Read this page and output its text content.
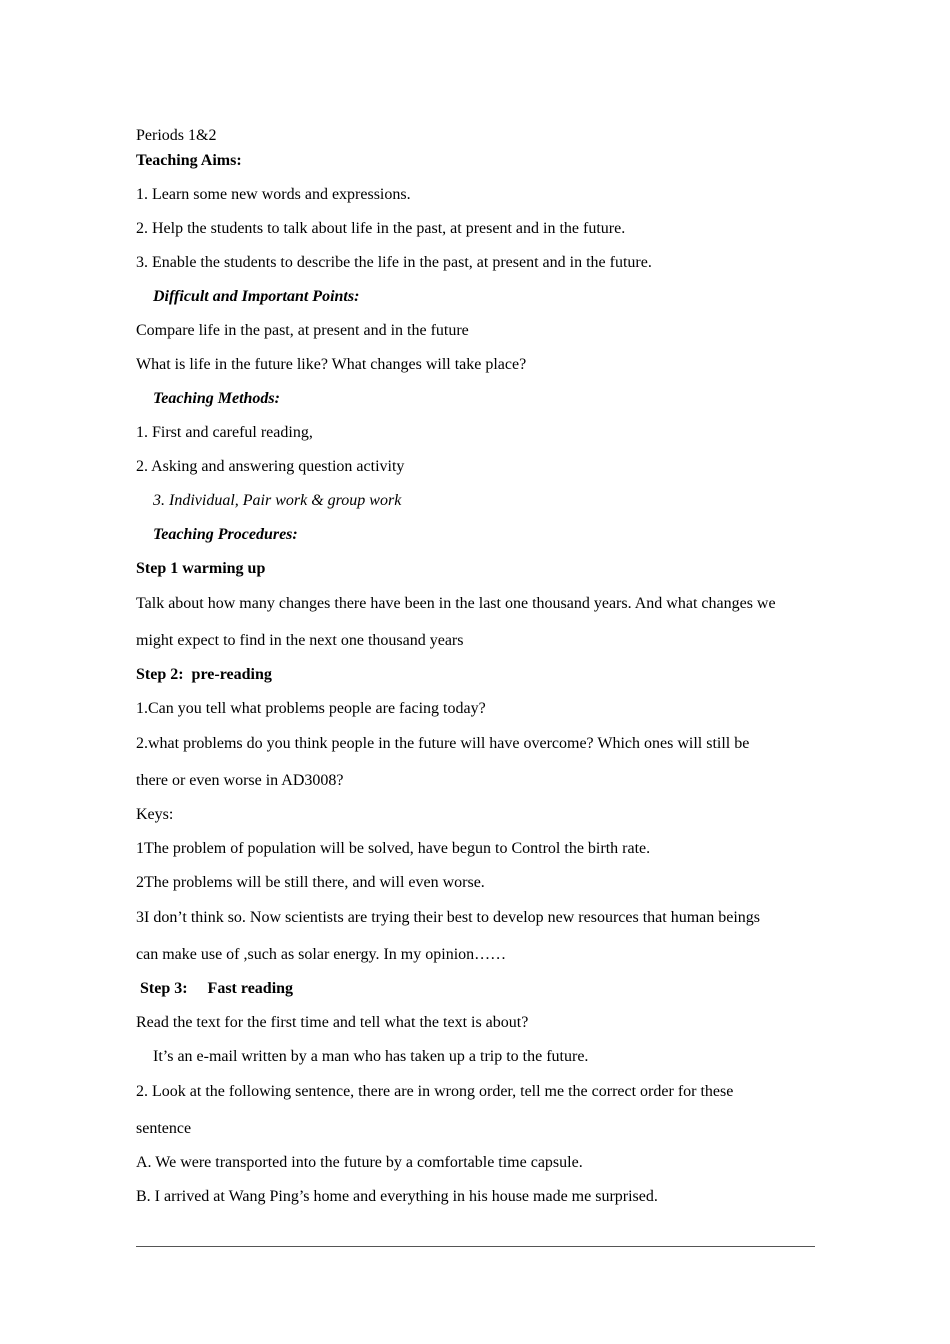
Periods 1&2
Teaching Aims:
1. Learn some new words and expressions.
2. Help the students to talk about life in the past, at present and in the future.
3. Enable the students to describe the life in the past, at present and in the future.
Difficult and Important Points:
Compare life in the past, at present and in the future
What is life in the future like? What changes will take place?
Teaching Methods:
1. First and careful reading,
2. Asking and answering question activity
3. Individual, Pair work & group work
Teaching Procedures:
Step 1 warming up
Talk about how many changes there have been in the last one thousand years. And what changes we
might expect to find in the next one thousand years
Step 2:  pre-reading
1.Can you tell what problems people are facing today?
2.what problems do you think people in the future will have overcome? Which ones will still be
there or even worse in AD3008?
Keys:
1The problem of population will be solved, have begun to Control the birth rate.
2The problems will be still there, and will even worse.
3I don’t think so. Now scientists are trying their best to develop new resources that human beings
can make use of ,such as solar energy. In my opinion……
Step 3:     Fast reading
Read the text for the first time and tell what the text is about?
It’s an e-mail written by a man who has taken up a trip to the future.
2. Look at the following sentence, there are in wrong order, tell me the correct order for these
sentence
A. We were transported into the future by a comfortable time capsule.
B. I arrived at Wang Ping’s home and everything in his house made me surprised.
